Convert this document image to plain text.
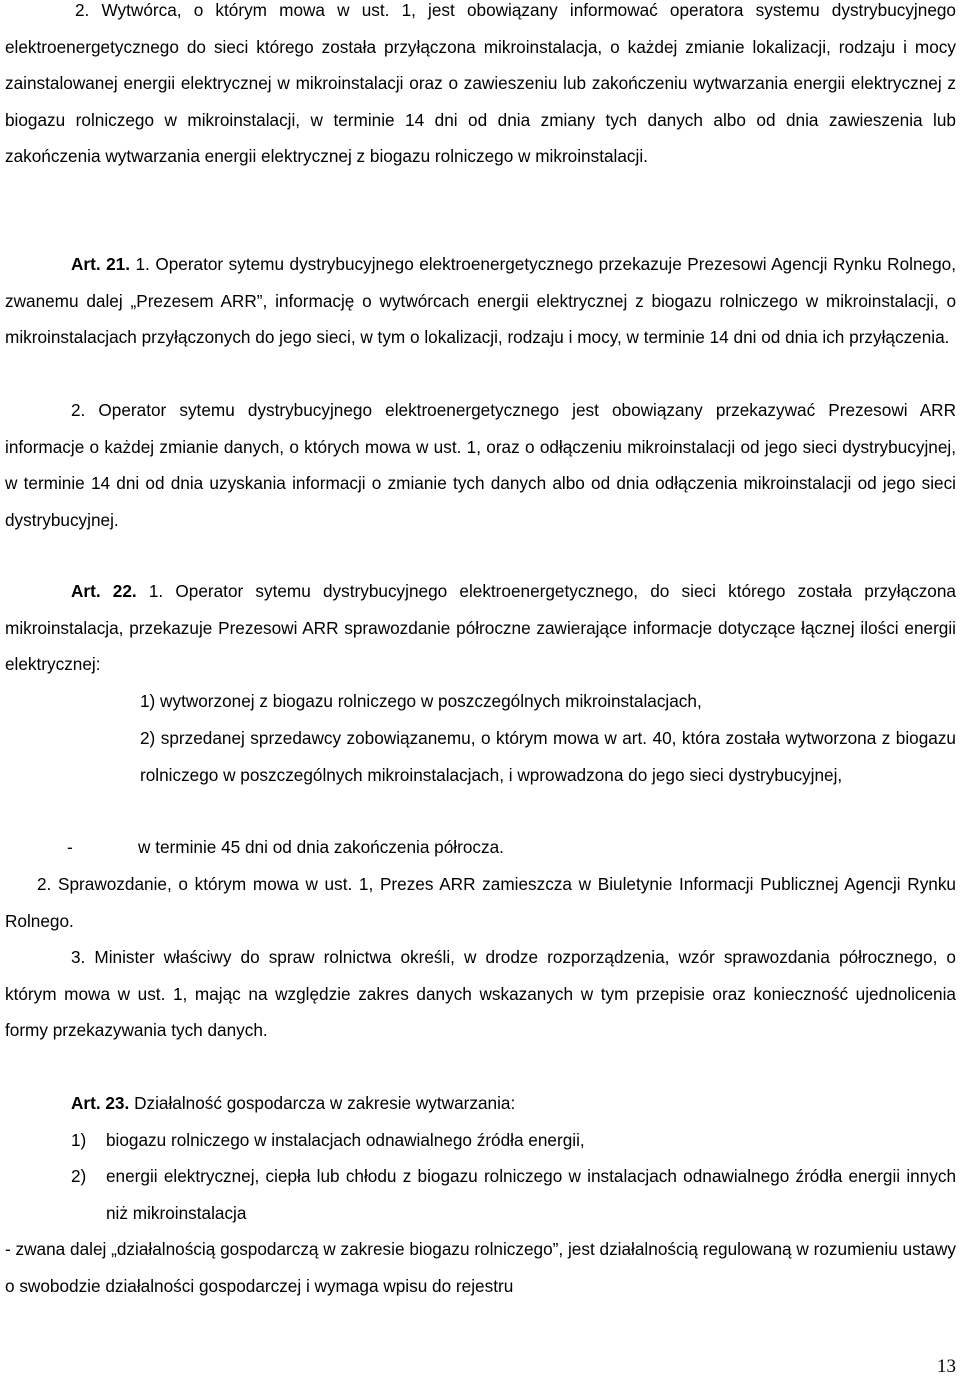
2. Wytwórca, o którym mowa w ust. 1, jest obowiązany informować operatora systemu dystrybucyjnego elektroenergetycznego do sieci którego została przyłączona mikroinstalacja, o każdej zmianie lokalizacji, rodzaju i mocy zainstalowanej energii elektrycznej w mikroinstalacji oraz o zawieszeniu lub zakończeniu wytwarzania energii elektrycznej z biogazu rolniczego w mikroinstalacji, w terminie 14 dni od dnia zmiany tych danych albo od dnia zawieszenia lub zakończenia wytwarzania energii elektrycznej z biogazu rolniczego w mikroinstalacji.

Art. 21. 1. Operator sytemu dystrybucyjnego elektroenergetycznego przekazuje Prezesowi Agencji Rynku Rolnego, zwanemu dalej „Prezesem ARR”, informację o wytwórcach energii elektrycznej z biogazu rolniczego w mikroinstalacji, o mikroinstalacjach przyłączonych do jego sieci, w tym o lokalizacji, rodzaju i mocy, w terminie 14 dni od dnia ich przyłączenia.

2. Operator sytemu dystrybucyjnego elektroenergetycznego jest obowiązany przekazywać Prezesowi ARR informacje o każdej zmianie danych, o których mowa w ust. 1, oraz o odłączeniu mikroinstalacji od jego sieci dystrybucyjnej, w terminie 14 dni od dnia uzyskania informacji o zmianie tych danych albo od dnia odłączenia mikroinstalacji od jego sieci dystrybucyjnej.

Art. 22. 1. Operator sytemu dystrybucyjnego elektroenergetycznego, do sieci którego została przyłączona mikroinstalacja, przekazuje Prezesowi ARR sprawozdanie półroczne zawierające informacje dotyczące łącznej ilości energii elektrycznej:

1) wytworzonej z biogazu rolniczego w poszczególnych mikroinstalacjach,

2) sprzedanej sprzedawcy zobowiązanemu, o którym mowa w art. 40, która została wytworzona z biogazu rolniczego w poszczególnych mikroinstalacjach, i wprowadzona do jego sieci dystrybucyjnej,

-	w terminie 45 dni od dnia zakończenia półrocza.

2. Sprawozdanie, o którym mowa w ust. 1, Prezes ARR zamieszcza w Biuletynie Informacji Publicznej Agencji Rynku Rolnego.

3. Minister właściwy do spraw rolnictwa określi, w drodze rozporządzenia, wzór sprawozdania półrocznego, o którym mowa w ust. 1, mając na względzie zakres danych wskazanych w tym przepisie oraz konieczność ujednolicenia formy przekazywania tych danych.

Art. 23. Działalność gospodarcza w zakresie wytwarzania:

1) biogazu rolniczego w instalacjach odnawialnego źródła energii,

2) energii elektrycznej, ciepła lub chłodu z biogazu rolniczego w instalacjach odnawialnego źródła energii innych niż mikroinstalacja

- zwana dalej „działalnością gospodarczą w zakresie biogazu rolniczego”, jest działalnością regulowaną w rozumieniu ustawy o swobodzie działalności gospodarczej i wymaga wpisu do rejestru

13
